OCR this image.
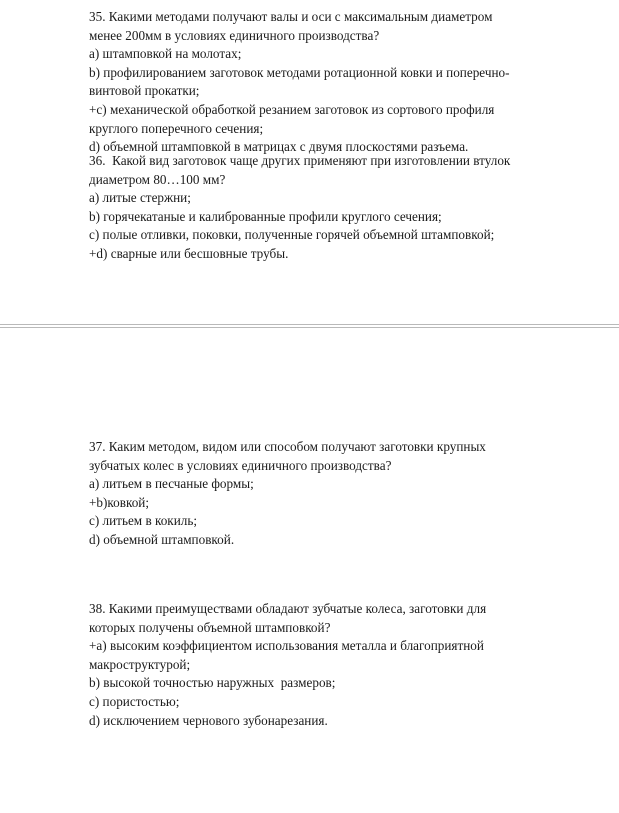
35. Какими методами получают валы и оси с максимальным диаметром
менее 200мм в условиях единичного производства?
a) штамповкой на молотах;
b) профилированием заготовок методами ротационной ковки и поперечно-
винтовой прокатки;
+c) механической обработкой резанием заготовок из сортового профиля
круглого поперечного сечения;
d) объемной штамповкой в матрицах с двумя плоскостями разъема.
36.  Какой вид заготовок чаще других применяют при изготовлении втулок
диаметром 80…100 мм?
a) литые стержни;
b) горячекатаные и калиброванные профили круглого сечения;
c) полые отливки, поковки, полученные горячей объемной штамповкой;
+d) сварные или бесшовные трубы.
37. Каким методом, видом или способом получают заготовки крупных
зубчатых колес в условиях единичного производства?
a) литьем в песчаные формы;
+b)ковкой;
c) литьем в кокиль;
d) объемной штамповкой.
38. Какими преимуществами обладают зубчатые колеса, заготовки для
которых получены объемной штамповкой?
+a) высоким коэффициентом использования металла и благоприятной
макроструктурой;
b) высокой точностью наружных  размеров;
c) пористостью;
d) исключением чернового зубонарезания.
